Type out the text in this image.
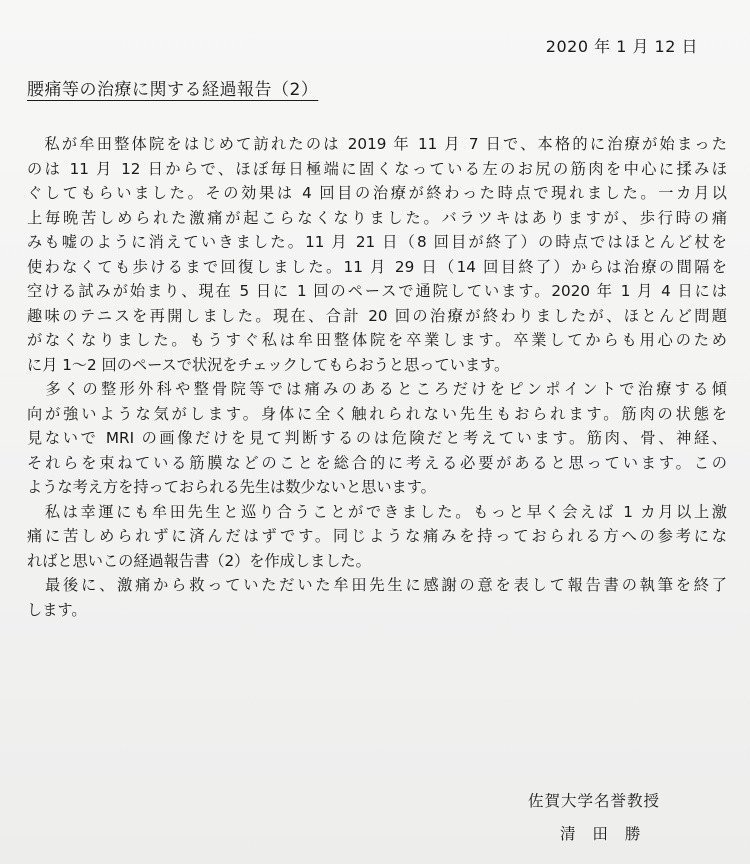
2020 年 1 月 12 日
腰痛等の治療に関する経過報告（2）

　私が牟田整体院をはじめて訪れたのは 2019 年 11 月 7 日で、本格的に治療が始まった
のは 11 月 12 日からで、ほぼ毎日極端に固くなっている左のお尻の筋肉を中心に揉みほ
ぐしてもらいました。その効果は 4 回目の治療が終わった時点で現れました。一カ月以
上毎晩苦しめられた激痛が起こらなくなりました。バラツキはありますが、歩行時の痛
みも嘘のように消えていきました。11 月 21 日（8 回目が終了）の時点ではほとんど杖を
使わなくても歩けるまで回復しました。11 月 29 日（14 回目終了）からは治療の間隔を
空ける試みが始まり、現在 5 日に 1 回のペースで通院しています。2020 年 1 月 4 日には
趣味のテニスを再開しました。現在、合計 20 回の治療が終わりましたが、ほとんど問題
がなくなりました。もうすぐ私は牟田整体院を卒業します。卒業してからも用心のため
に月 1～2 回のペースで状況をチェックしてもらおうと思っています。

　多くの整形外科や整骨院等では痛みのあるところだけをピンポイントで治療する傾
向が強いような気がします。身体に全く触れられない先生もおられます。筋肉の状態を
見ないで MRI の画像だけを見て判断するのは危険だと考えています。筋肉、骨、神経、
それらを束ねている筋膜などのことを総合的に考える必要があると思っています。この
ような考え方を持っておられる先生は数少ないと思います。

　私は幸運にも牟田先生と巡り合うことができました。もっと早く会えば 1 カ月以上激
痛に苦しめられずに済んだはずです。同じような痛みを持っておられる方への参考にな
ればと思いこの経過報告書（2）を作成しました。

　最後に、激痛から救っていただいた牟田先生に感謝の意を表して報告書の執筆を終了
します。

佐賀大学名誉教授
清 田 勝
